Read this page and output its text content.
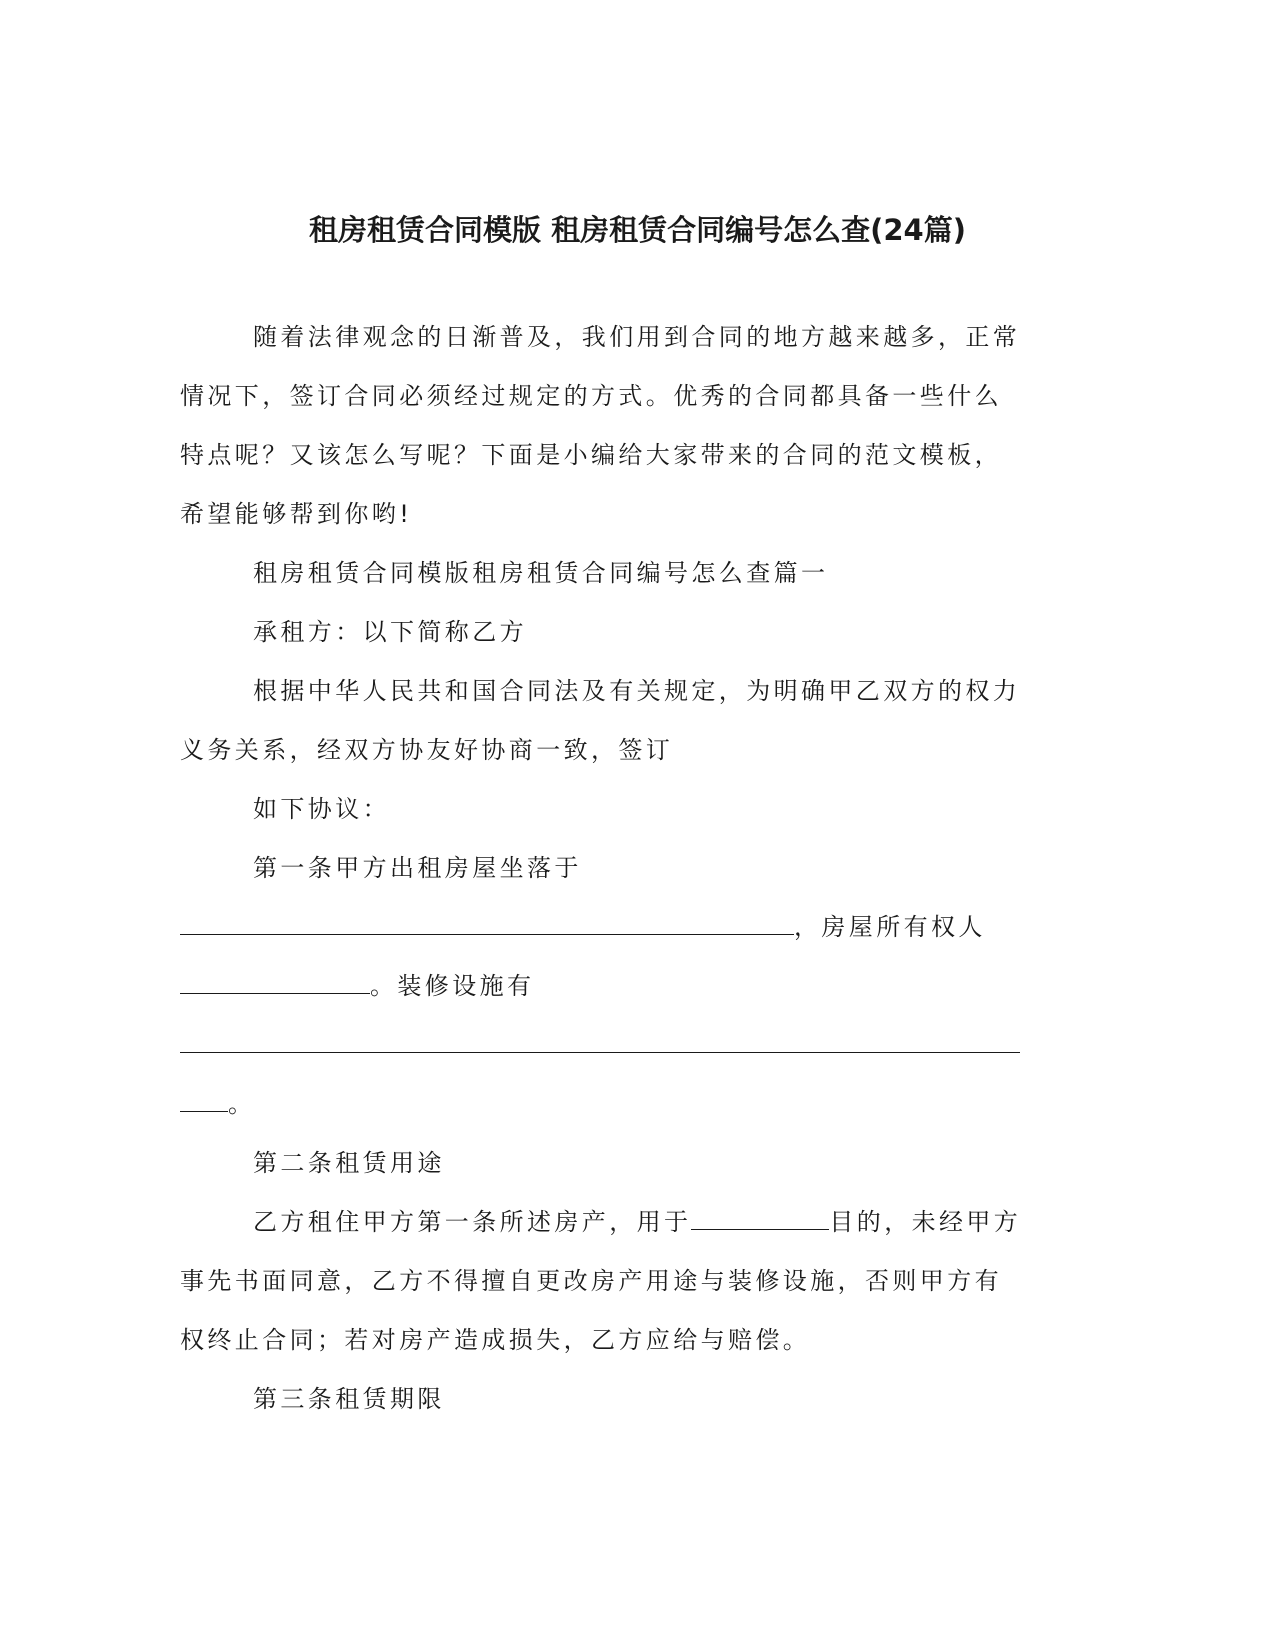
租房租赁合同模版 租房租赁合同编号怎么查(24篇)

随着法律观念的日渐普及，我们用到合同的地方越来越多，正常

情况下，签订合同必须经过规定的方式。优秀的合同都具备一些什么

特点呢？又该怎么写呢？下面是小编给大家带来的合同的范文模板，

希望能够帮到你哟!

租房租赁合同模版租房租赁合同编号怎么查篇一

承租方：以下简称乙方

根据中华人民共和国合同法及有关规定，为明确甲乙双方的权力

义务关系，经双方协友好协商一致，签订

如下协议：

第一条甲方出租房屋坐落于

，房屋所有权人

。装修设施有

。

第二条租赁用途

乙方租住甲方第一条所述房产，用于	目的，未经甲方

事先书面同意，乙方不得擅自更改房产用途与装修设施，否则甲方有

权终止合同；若对房产造成损失，乙方应给与赔偿。

第三条租赁期限
